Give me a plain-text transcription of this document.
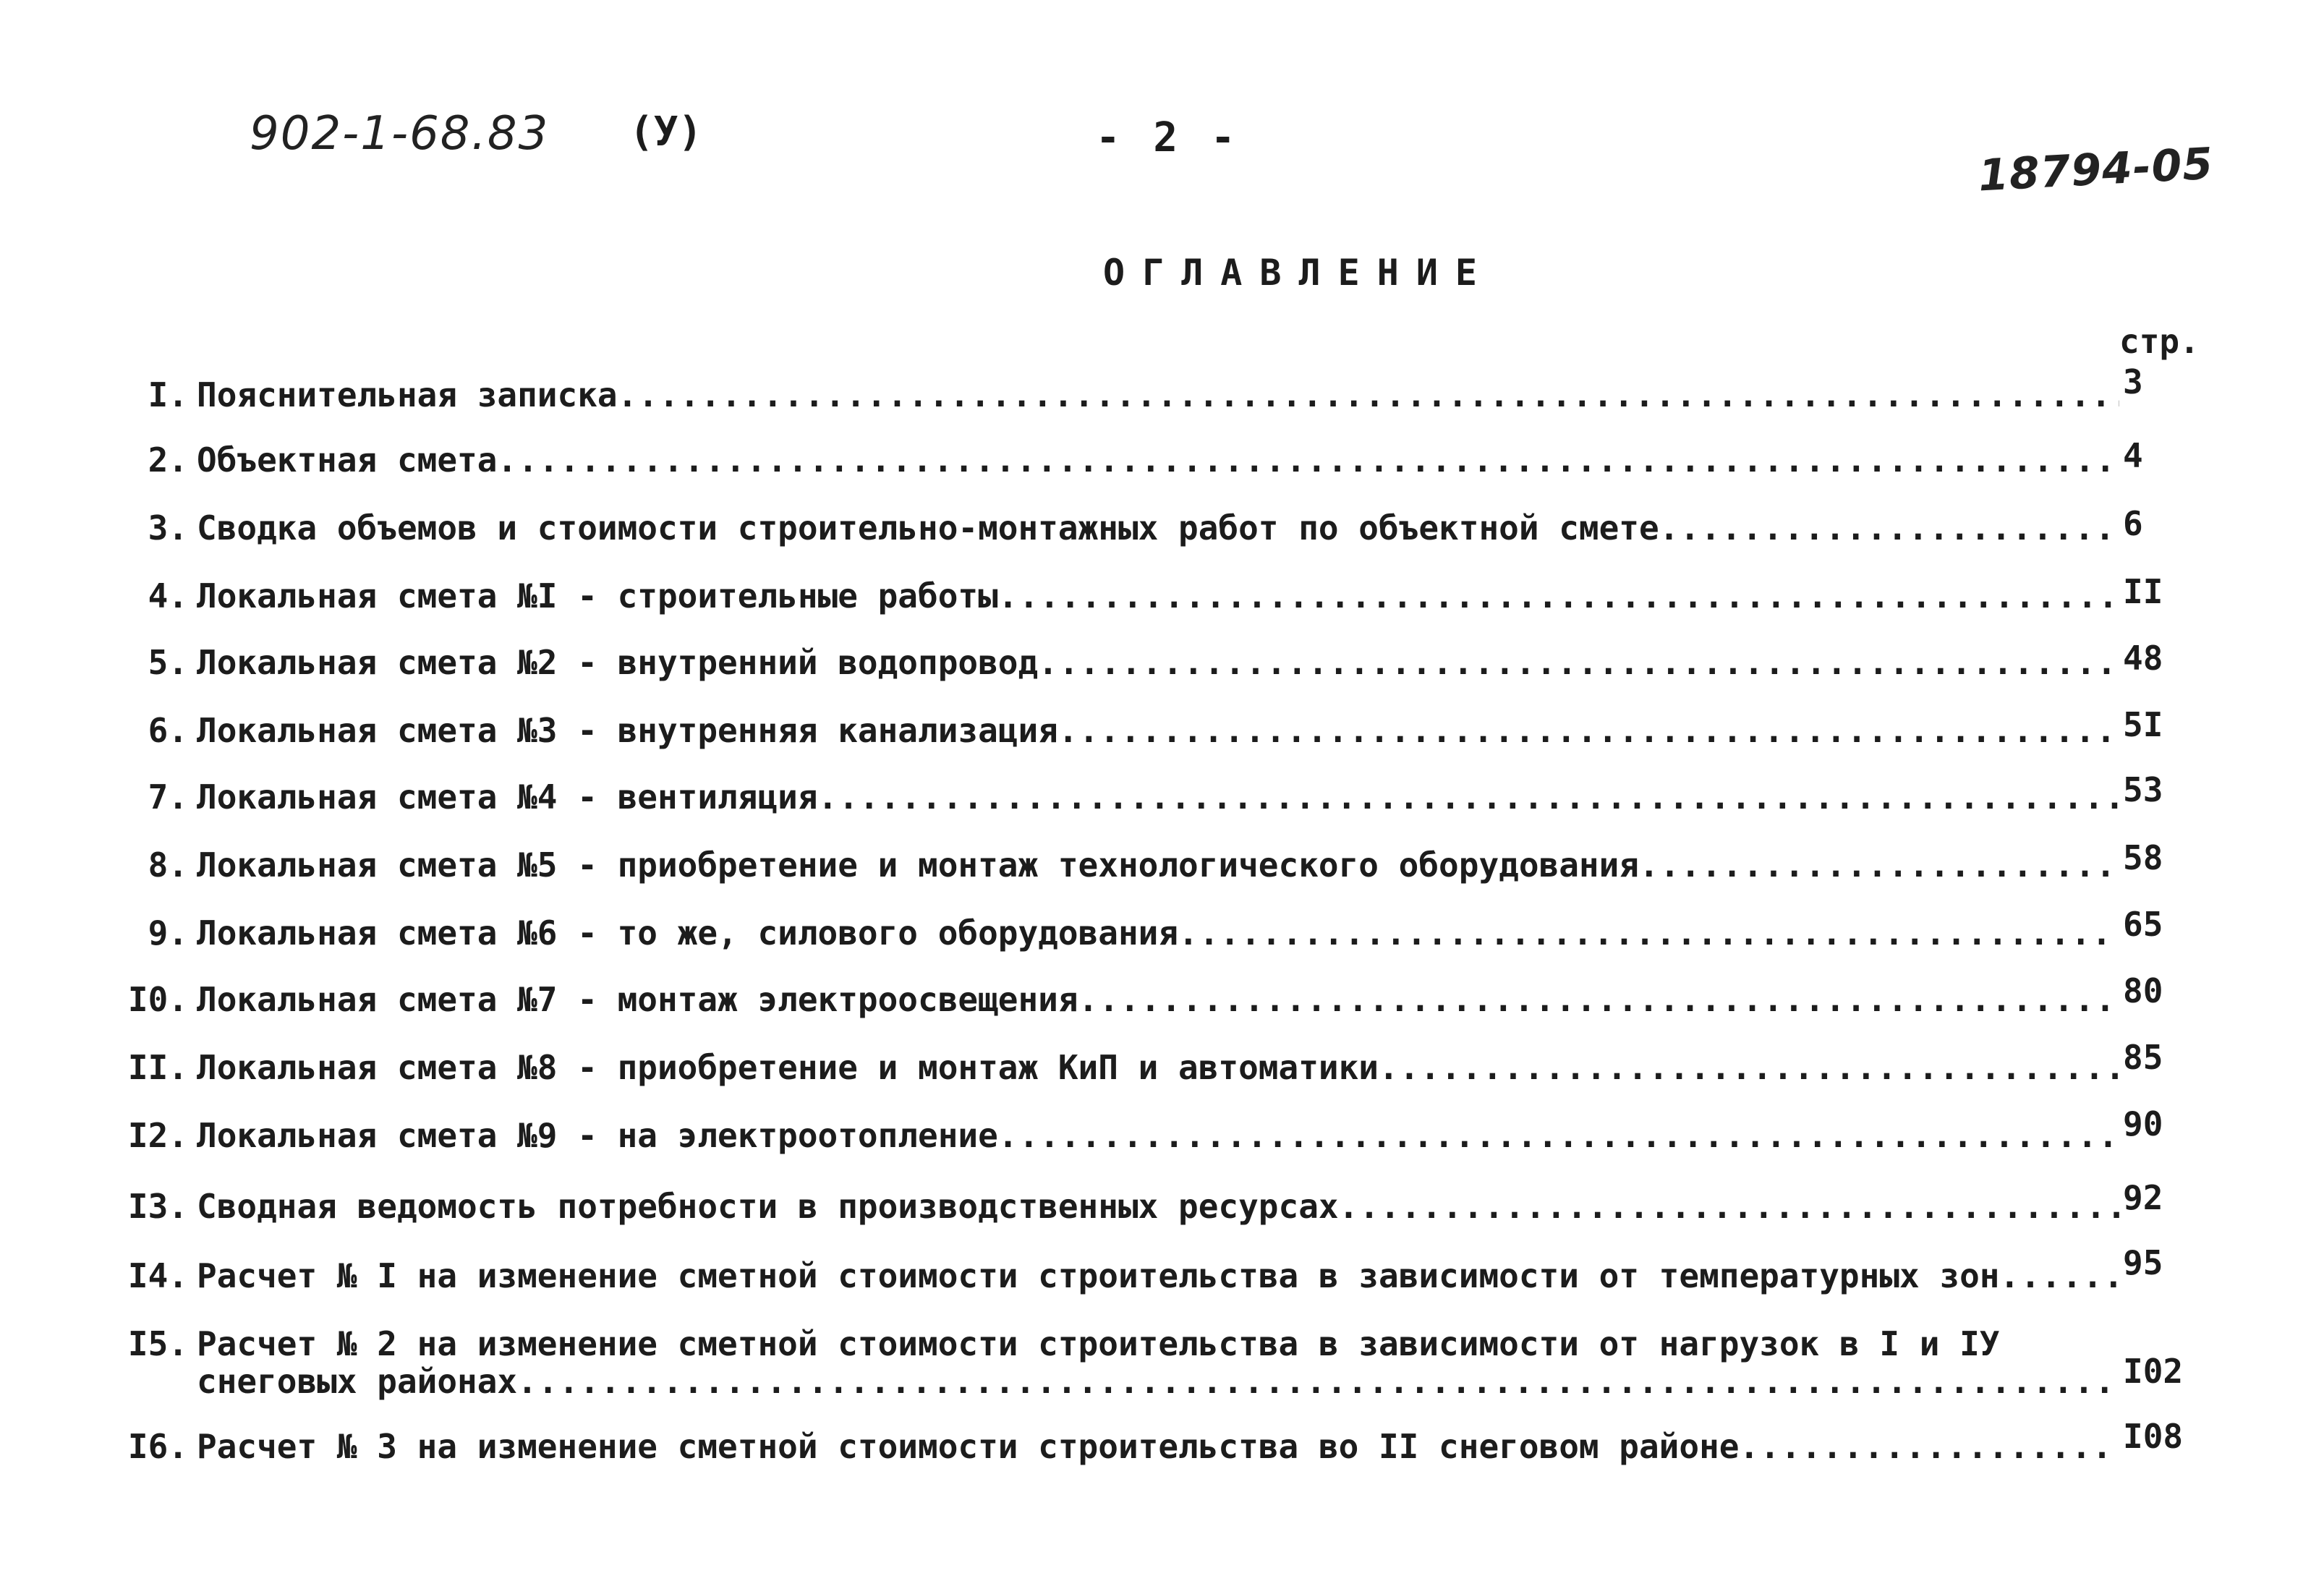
902-1-68.83 (У)	- 2 -
18794-05
ОГЛАВЛЕНИЕ
стр.
I. Пояснительная записка .....	3
2. Объектная смета .....	4
3. Сводка объемов и стоимости строительно-монтажных работ по объектной смете .....	6
4. Локальная смета №I - строительные работы .....	II
5. Локальная смета №2 - внутренний водопровод .....	48
6. Локальная смета №3 - внутренняя канализация .....	5I
7. Локальная смета №4 - вентиляция .....	53
8. Локальная смета №5 - приобретение и монтаж технологического оборудования .....	58
9. Локальная смета №6 - то же, силового оборудования .....	65
I0. Локальная смета №7 - монтаж электроосвещения .....	80
II. Локальная смета №8 - приобретение и монтаж КиП и автоматики .....	85
I2. Локальная смета №9 - на электроотопление .....	90
I3. Сводная ведомость потребности в производственных ресурсах .....	92
I4. Расчет № I на изменение сметной стоимости строительства в зависимости от температурных зон .....	95
I5. Расчет № 2 на изменение сметной стоимости строительства в зависимости от нагрузок в I и IУ
снеговых районах .....	I02
I6. Расчет № 3 на изменение сметной стоимости строительства во II снеговом районе .....	I08
